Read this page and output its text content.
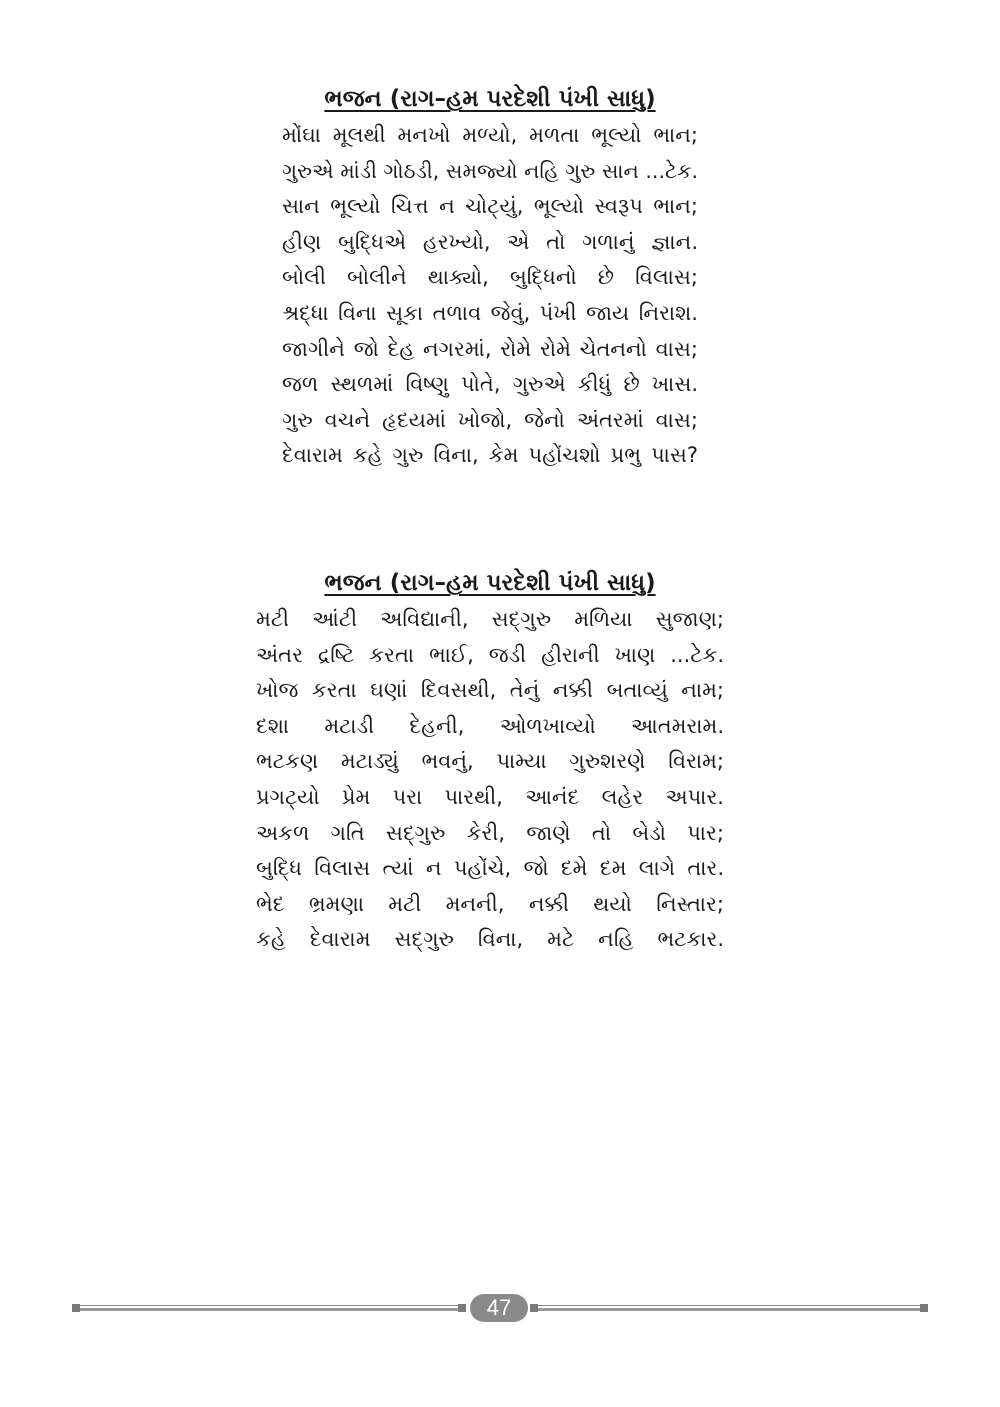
ભજન (રાગ–હમ પરદેશી પંખી સાધુ)
મોંઘા મૂલથી મનખો મળ્યો, મળતા ભૂલ્યો ભાન;
ગુરુએ માંડી ગોઠડી, સમજ્યો નહિ ગુરુ સાન ...ટેક.
સાન ભૂલ્યો ચિત્ત ન ચોટ્યું, ભૂલ્યો સ્વરૂપ ભાન;
હીણ બુદ્ધિએ હરખ્યો, એ તો ગળાનું જ્ઞાન.
બોલી બોલીને થાક્યો, બુદ્ધિનો છે વિલાસ;
શ્રદ્ધા વિના સૂકા તળાવ જેવું, પંખી જાય નિરાશ.
જાગીને જો દેહ નગરમાં, રોમે રોમે ચેતનનો વાસ;
જળ સ્થળમાં વિષ્ણુ પોતે, ગુરુએ કીધું છે ખાસ.
ગુરુ વચને હૃદયમાં ખોજો, જેનો અંતરમાં વાસ;
દેવારામ કહે ગુરુ વિના, કેમ પહોંચશો પ્રભુ પાસ?
ભજન (રાગ–હમ પરદેશી પંખી સાધુ)
મટી આંટી અવિદ્યાની, સદ્‌ગુરુ મળિયા સુજાણ;
અંતર દ્રષ્ટિ કરતા ભાઈ, જડી હીરાની ખાણ ...ટેક.
ખોજ કરતા ઘણાં દિવસથી, તેનું નક્કી બતાવ્યું નામ;
દશા મટાડી દેહની, ઓળખાવ્યો આતમરામ.
ભટકણ મટાડ્યું ભવનું, પામ્યા ગુરુશરણે વિરામ;
પ્રગટ્યો પ્રેમ પરા પારથી, આનંદ લહેર અપાર.
અકળ ગતિ સદ્‌ગુરુ કેરી, જાણે તો બેડો પાર;
બુદ્ધિ વિલાસ ત્યાં ન પહોંચે, જો દમે દમ લાગે તાર.
ભેદ ભ્રમણા મટી મનની, નક્કી થયો નિસ્તાર;
કહે દેવારામ સદ્‌ગુરુ વિના, મટે નહિ ભટકાર.
47
